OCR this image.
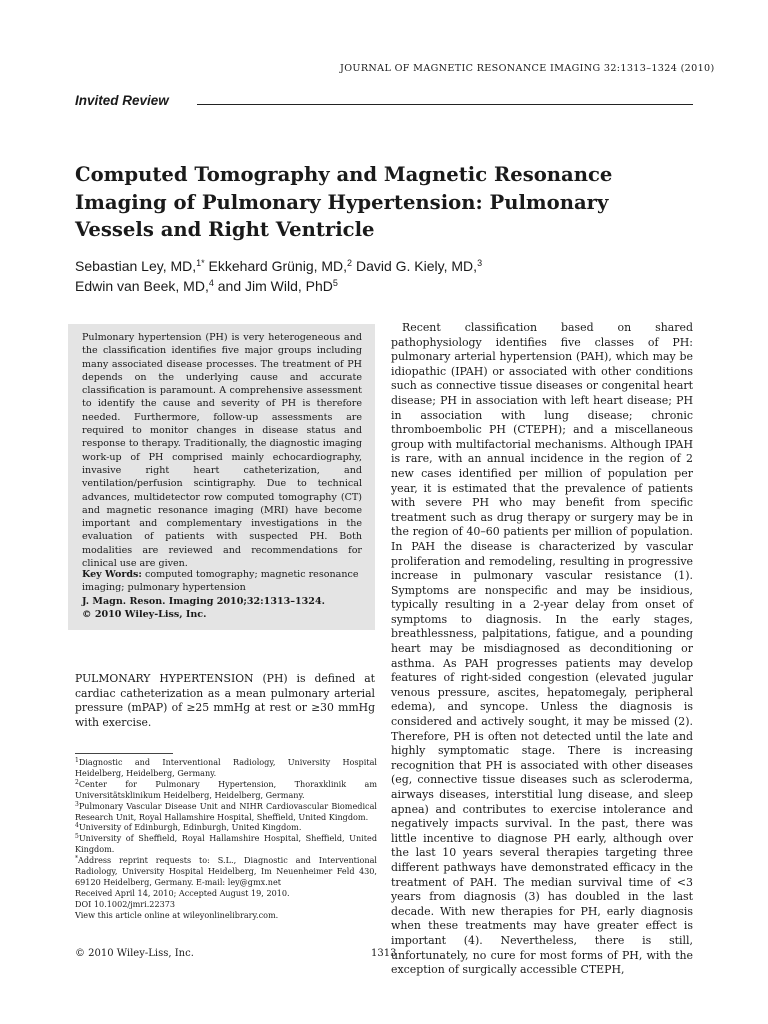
JOURNAL OF MAGNETIC RESONANCE IMAGING 32:1313–1324 (2010)
Invited Review
Computed Tomography and Magnetic Resonance Imaging of Pulmonary Hypertension: Pulmonary Vessels and Right Ventricle
Sebastian Ley, MD,$^{1*}$ Ekkehard Grünig, MD,$^2$ David G. Kiely, MD,$^3$
Edwin van Beek, MD,$^4$ and Jim Wild, PhD$^5$

Pulmonary hypertension (PH) is very heterogeneous and the classification identifies five major groups including many associated disease processes. The treatment of PH depends on the underlying cause and accurate classification is paramount. A comprehensive assessment to identify the cause and severity of PH is therefore needed. Furthermore, follow-up assessments are required to monitor changes in disease status and response to therapy. Traditionally, the diagnostic imaging work-up of PH comprised mainly echocardiography, invasive right heart catheterization, and ventilation/perfusion scintigraphy. Due to technical advances, multidetector row computed tomography (CT) and magnetic resonance imaging (MRI) have become important and complementary investigations in the evaluation of patients with suspected PH. Both modalities are reviewed and recommendations for clinical use are given.

Key Words: computed tomography; magnetic resonance imaging; pulmonary hypertension
J. Magn. Reson. Imaging 2010;32:1313–1324.
© 2010 Wiley-Liss, Inc.

PULMONARY HYPERTENSION (PH) is defined at cardiac catheterization as a mean pulmonary arterial pressure (mPAP) of ≥25 mmHg at rest or ≥30 mmHg with exercise.

$^1$Diagnostic and Interventional Radiology, University Hospital Heidelberg, Heidelberg, Germany.

$^2$Center for Pulmonary Hypertension, Thoraxklinik am Universitätsklinikum Heidelberg, Heidelberg, Germany.

$^3$Pulmonary Vascular Disease Unit and NIHR Cardiovascular Biomedical Research Unit, Royal Hallamshire Hospital, Sheffield, United Kingdom.

$^4$University of Edinburgh, Edinburgh, United Kingdom.

$^5$University of Sheffield, Royal Hallamshire Hospital, Sheffield, United Kingdom.

*Address reprint requests to: S.L., Diagnostic and Interventional Radiology, University Hospital Heidelberg, Im Neuenheimer Feld 430, 69120 Heidelberg, Germany. E-mail: ley@gmx.net

Received April 14, 2010; Accepted August 19, 2010.

DOI 10.1002/jmri.22373

View this article online at wileyonlinelibrary.com.

Recent classification based on shared pathophysiology identifies five classes of PH: pulmonary arterial hypertension (PAH), which may be idiopathic (IPAH) or associated with other conditions such as connective tissue diseases or congenital heart disease; PH in association with left heart disease; PH in association with lung disease; chronic thromboembolic PH (CTEPH); and a miscellaneous group with multifactorial mechanisms. Although IPAH is rare, with an annual incidence in the region of 2 new cases identified per million of population per year, it is estimated that the prevalence of patients with severe PH who may benefit from specific treatment such as drug therapy or surgery may be in the region of 40–60 patients per million of population. In PAH the disease is characterized by vascular proliferation and remodeling, resulting in progressive increase in pulmonary vascular resistance (1). Symptoms are nonspecific and may be insidious, typically resulting in a 2-year delay from onset of symptoms to diagnosis. In the early stages, breathlessness, palpitations, fatigue, and a pounding heart may be misdiagnosed as deconditioning or asthma. As PAH progresses patients may develop features of right-sided congestion (elevated jugular venous pressure, ascites, hepatomegaly, peripheral edema), and syncope. Unless the diagnosis is considered and actively sought, it may be missed (2). Therefore, PH is often not detected until the late and highly symptomatic stage. There is increasing recognition that PH is associated with other diseases (eg, connective tissue diseases such as scleroderma, airways diseases, interstitial lung disease, and sleep apnea) and contributes to exercise intolerance and negatively impacts survival. In the past, there was little incentive to diagnose PH early, although over the last 10 years several therapies targeting three different pathways have demonstrated efficacy in the treatment of PAH. The median survival time of <3 years from diagnosis (3) has doubled in the last decade. With new therapies for PH, early diagnosis when these treatments may have greater effect is important (4). Nevertheless, there is still, unfortunately, no cure for most forms of PH, with the exception of surgically accessible CTEPH,

© 2010 Wiley-Liss, Inc.	1313
